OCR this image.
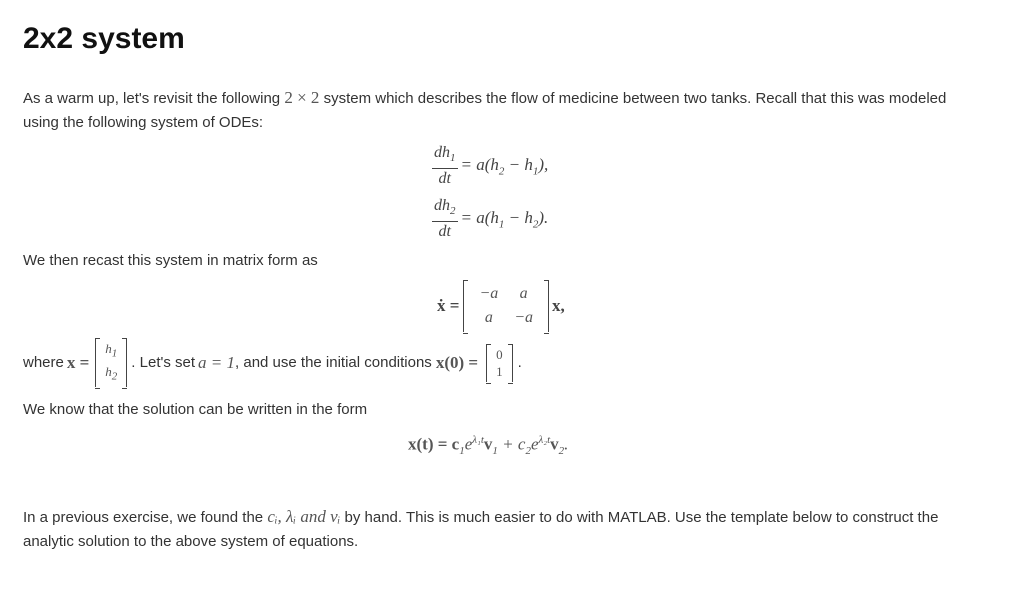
2x2 system

As a warm up, let's revisit the following 2 × 2 system which describes the flow of medicine between two tanks. Recall that this was modeled using the following system of ODEs:

$\frac{dh_1}{dt} = a(h_2 - h_1)$,
$\frac{dh_2}{dt} = a(h_1 - h_2)$.

We then recast this system in matrix form as

ẋ =
−a	a
a	−a
x,
where x =
$h_1$
$h_2$
. Let's set a = 1 , and use the initial conditions x(0) = 0
1
.

We know that the solution can be written in the form

$x(t) = c_1e^{\lambda_1t}v_1 + c_2e^{\lambda_2t}v_2$.

In a previous exercise, we found the cᵢ, λᵢ and vᵢ by hand. This is much easier to do with MATLAB. Use the template below to construct the analytic solution to the above system of equations.
